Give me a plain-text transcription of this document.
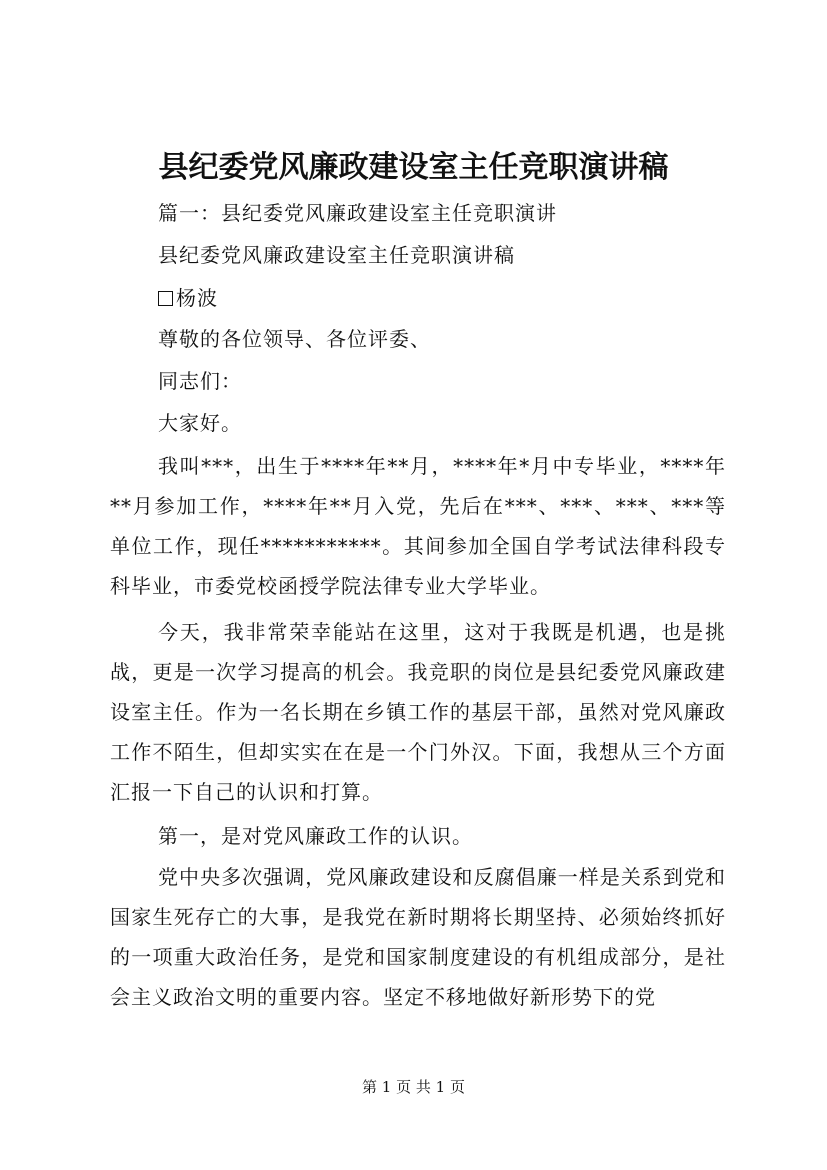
县纪委党风廉政建设室主任竞职演讲稿
篇一：县纪委党风廉政建设室主任竞职演讲
县纪委党风廉政建设室主任竞职演讲稿
杨波
尊敬的各位领导、各位评委、
同志们：
大家好。
我叫***，出生于****年**月，****年*月中专毕业，****年**月参加工作，****年**月入党，先后在***、***、***、***等单位工作，现任***********。其间参加全国自学考试法律科段专科毕业，市委党校函授学院法律专业大学毕业。
今天，我非常荣幸能站在这里，这对于我既是机遇，也是挑战，更是一次学习提高的机会。我竞职的岗位是县纪委党风廉政建设室主任。作为一名长期在乡镇工作的基层干部，虽然对党风廉政工作不陌生，但却实实在在是一个门外汉。下面，我想从三个方面汇报一下自己的认识和打算。
第一，是对党风廉政工作的认识。
党中央多次强调，党风廉政建设和反腐倡廉一样是关系到党和国家生死存亡的大事，是我党在新时期将长期坚持、必须始终抓好的一项重大政治任务，是党和国家制度建设的有机组成部分，是社会主义政治文明的重要内容。坚定不移地做好新形势下的党
第 1 页 共 1 页
